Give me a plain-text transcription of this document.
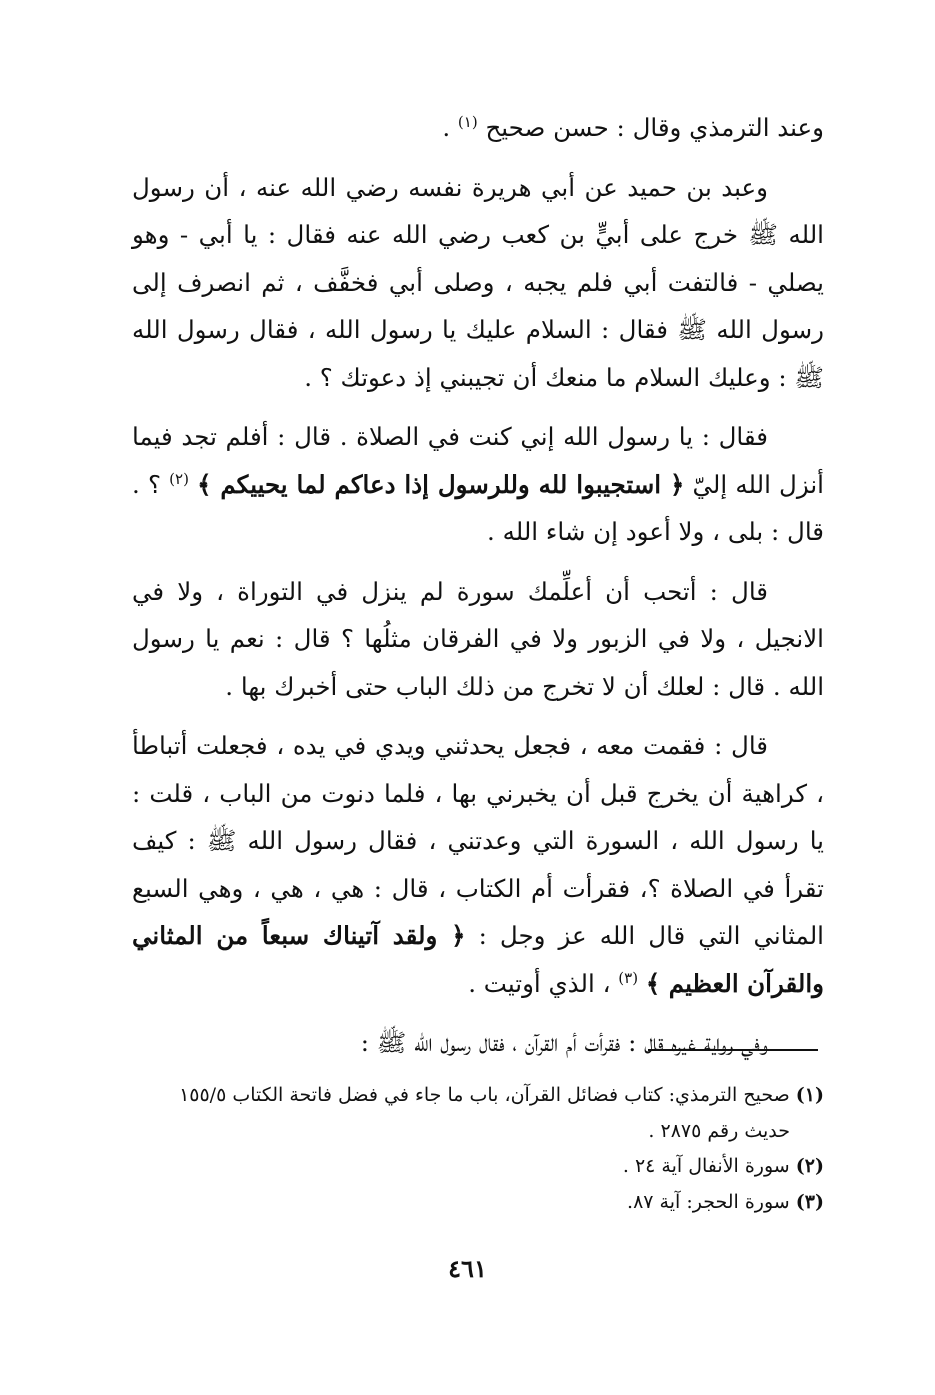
وعند الترمذي وقال : حسن صحيح $^{(١)}$ .

وعبد بن حميد عن أبي هريرة نفسه رضي الله عنه ، أن رسول الله ﷺ خرج على أبيٍّ بن كعب رضي الله عنه فقال : يا أبي - وهو يصلي - فالتفت أبي فلم يجبه ، وصلى أبي فخفَّف ، ثم انصرف إلى رسول الله ﷺ فقال : السلام عليك يا رسول الله ، فقال رسول الله ﷺ : وعليك السلام ما منعك أن تجيبني إذ دعوتك ؟ .

فقال : يا رسول الله إني كنت في الصلاة . قال : أفلم تجد فيما أنزل الله إليّ ﴿ استجيبوا لله وللرسول إذا دعاكم لما يحييكم ﴾ $^{(٢)}$ ؟ . قال : بلى ، ولا أعود إن شاء الله .

قال : أتحب أن أعلِّمك سورة لم ينزل في التوراة ، ولا في الانجيل ، ولا في الزبور ولا في الفرقان مثلُها ؟ قال : نعم يا رسول الله . قال : لعلك أن لا تخرج من ذلك الباب حتى أخبرك بها .

قال : فقمت معه ، فجعل يحدثني ويدي في يده ، فجعلت أتباطأ ، كراهية أن يخرج قبل أن يخبرني بها ، فلما دنوت من الباب ، قلت : يا رسول الله ، السورة التي وعدتني ، فقال رسول الله ﷺ : كيف تقرأ في الصلاة ؟، فقرأت أم الكتاب ، قال : هي ، هي ، وهي السبع المثاني التي قال الله عز وجل : ﴿ ولقد آتيناك سبعاً من المثاني والقرآن العظيم ﴾ $^{(٣)}$ ، الذي أوتيت .

وفي رواية غيره قال : فقرأت أم القرآن ، فقال رسول الله ﷺ :

(١) صحيح الترمذي: كتاب فضائل القرآن، باب ما جاء في فضل فاتحة الكتاب ١٥٥/٥

حديث رقم ٢٨٧٥ .

(٢) سورة الأنفال آية ٢٤ .

(٣) سورة الحجر: آية ٨٧.

٤٦١
